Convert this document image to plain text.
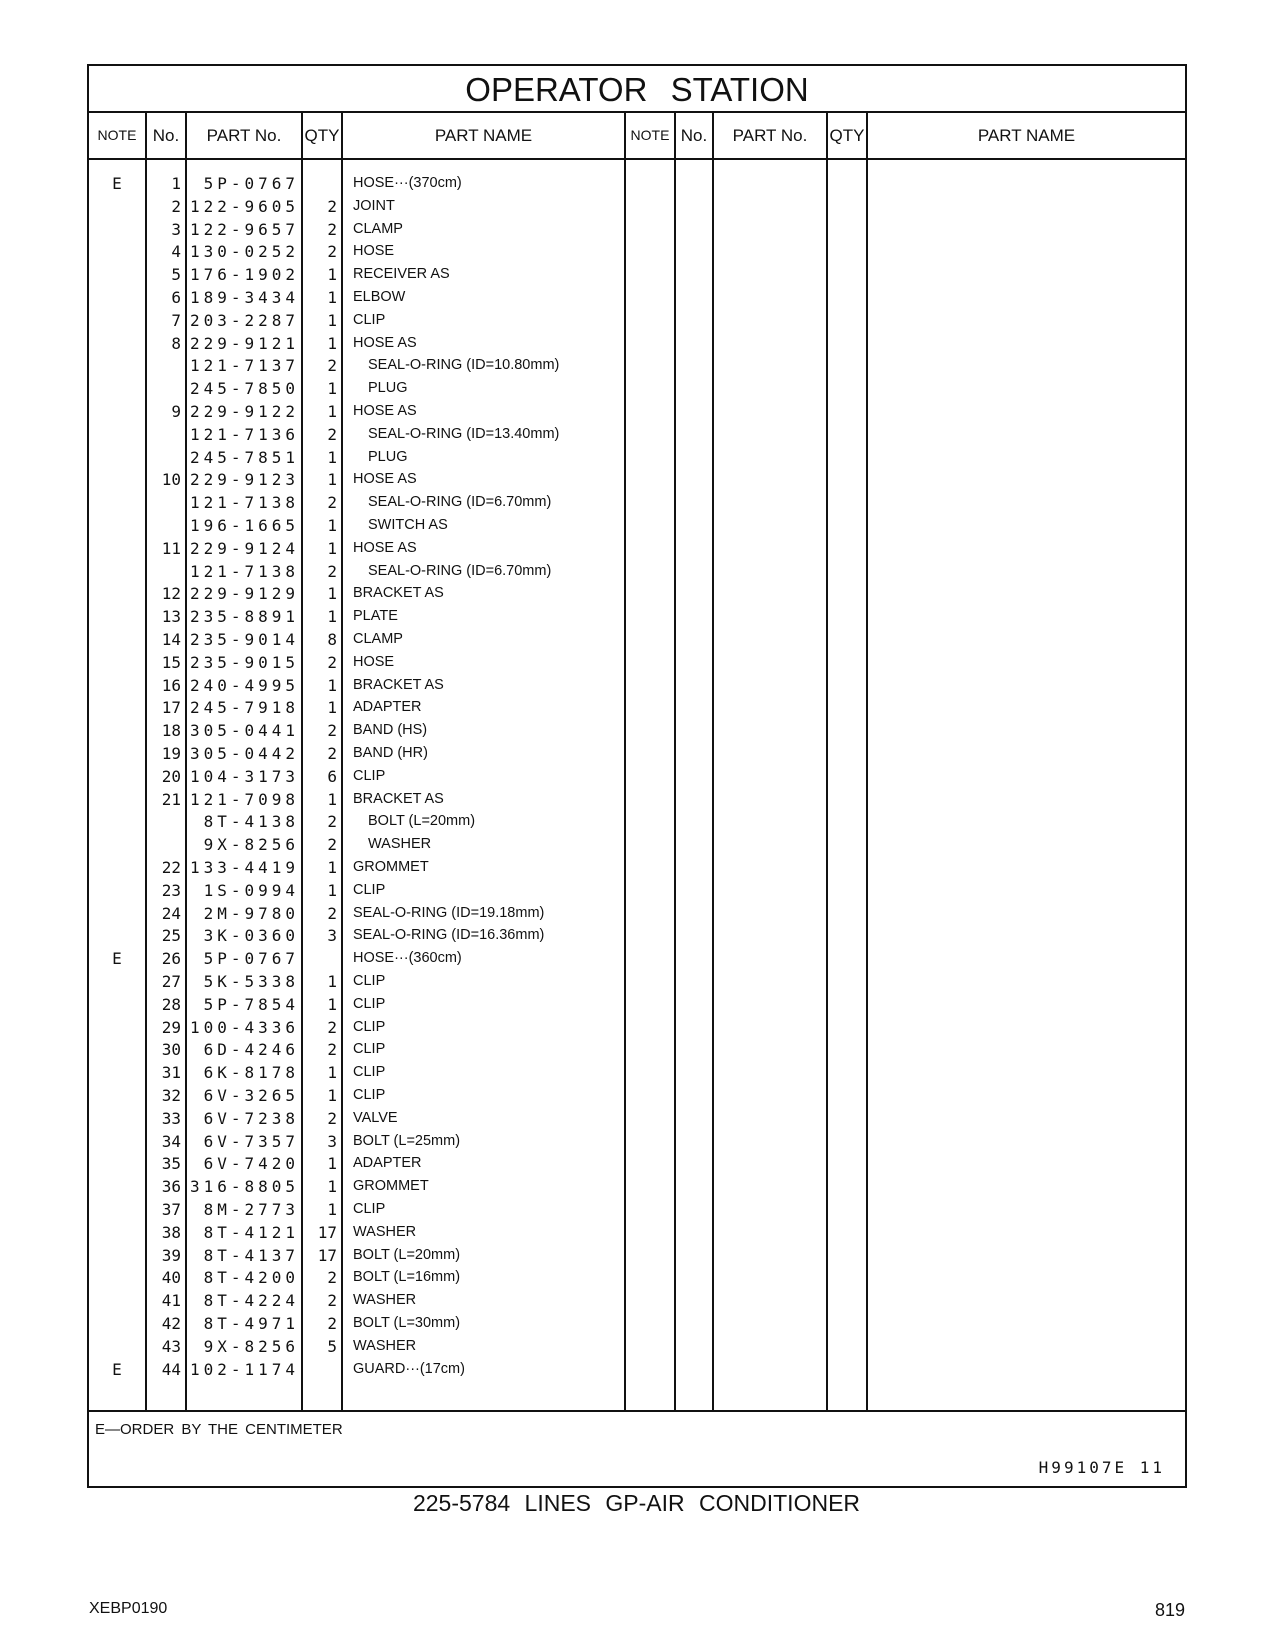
OPERATOR STATION
NOTE No.	PART No.	QTY	PART NAME	NOTE No.	PART No.	QTY	PART NAME
E	1	5P-0767	HOSE···(370cm)
2 122-9605	2 JOINT
3 122-9657	2 CLAMP
4 130-0252	2 HOSE
5 176-1902	1 RECEIVER AS
6 189-3434	1 ELBOW
7 203-2287	1 CLIP
8 229-9121	1 HOSE AS
121-7137	2 SEAL-O-RING (ID=10.80mm)
245-7850	1 PLUG
9 229-9122	1 HOSE AS
121-7136	2 SEAL-O-RING (ID=13.40mm)
245-7851	1 PLUG
10 229-9123	1 HOSE AS
121-7138	2 SEAL-O-RING (ID=6.70mm)
196-1665	1 SWITCH AS
11 229-9124	1 HOSE AS
121-7138	2 SEAL-O-RING (ID=6.70mm)
12 229-9129	1 BRACKET AS
13 235-8891	1 PLATE
14 235-9014	8 CLAMP
15 235-9015	2 HOSE
16 240-4995	1 BRACKET AS
17 245-7918	1 ADAPTER
18 305-0441	2 BAND (HS)
19 305-0442	2 BAND (HR)
20 104-3173	6 CLIP
21 121-7098	1 BRACKET AS
8T-4138	2 BOLT (L=20mm)
9X-8256	2 WASHER
22 133-4419	1 GROMMET
23	1S-0994	1 CLIP
24	2M-9780	2 SEAL-O-RING (ID=19.18mm)
25	3K-0360	3 SEAL-O-RING (ID=16.36mm)
E	26	5P-0767	HOSE···(360cm)
27	5K-5338	1 CLIP
28	5P-7854	1 CLIP
29 100-4336	2 CLIP
30	6D-4246	2 CLIP
31	6K-8178	1 CLIP
32	6V-3265	1 CLIP
33	6V-7238	2 VALVE
34	6V-7357	3 BOLT (L=25mm)
35	6V-7420	1 ADAPTER
36 316-8805	1 GROMMET
37	8M-2773	1 CLIP
38	8T-4121	17 WASHER
39	8T-4137	17 BOLT (L=20mm)
40	8T-4200	2 BOLT (L=16mm)
41	8T-4224	2 WASHER
42	8T-4971	2 BOLT (L=30mm)
43	9X-8256	5 WASHER
E	44 102-1174	GUARD···(17cm)
E—ORDER BY THE CENTIMETER
H99107E 11
225-5784 LINES GP-AIR CONDITIONER
XEBP0190	819
